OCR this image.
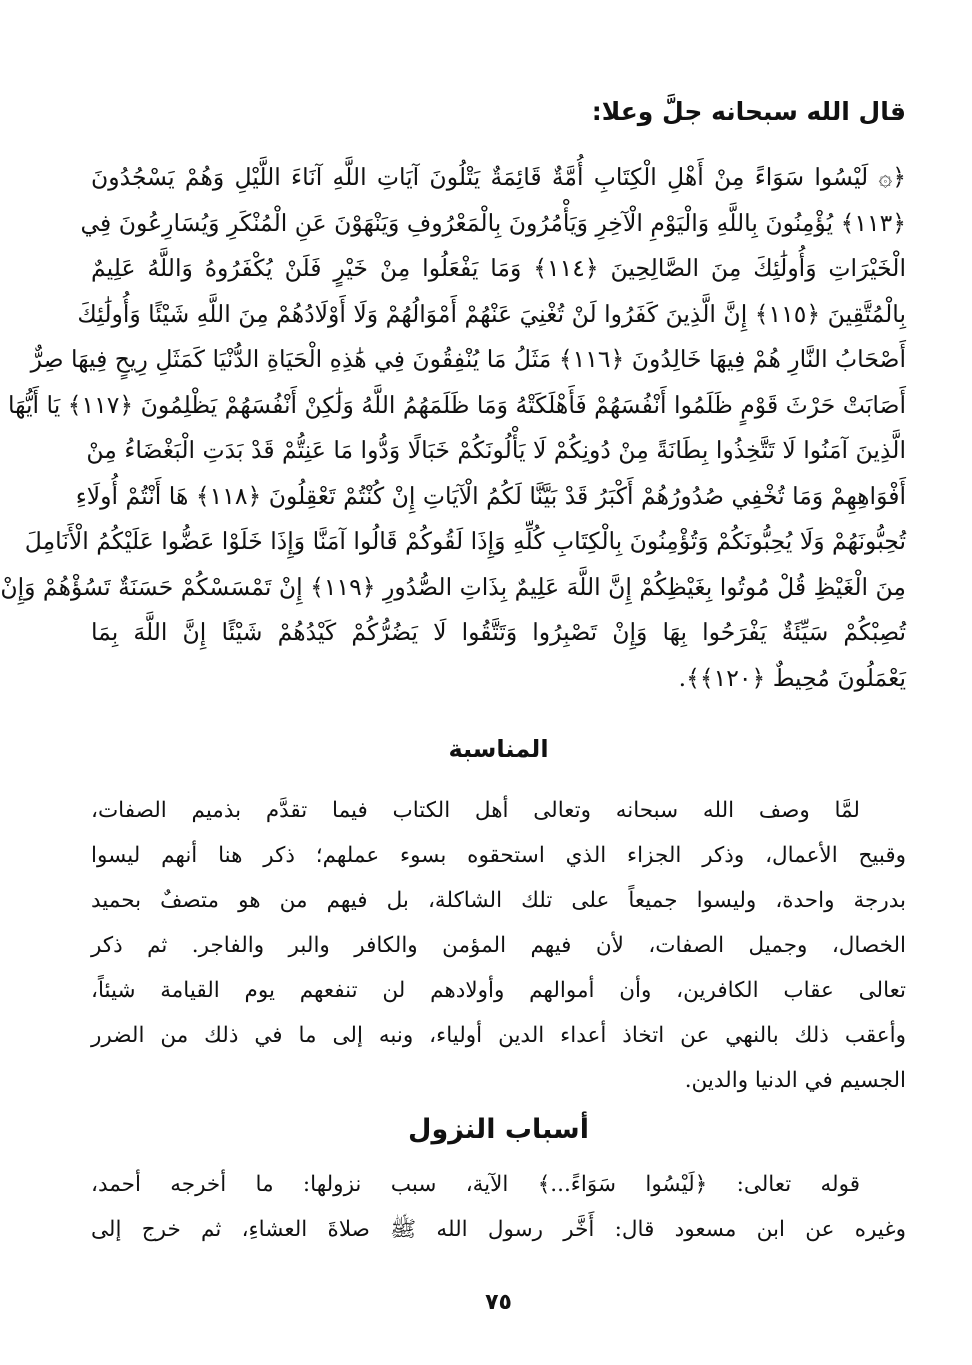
قال الله سبحانه جلَّ وعلا:
﴿۞ لَيْسُوا سَوَاءً مِنْ أَهْلِ الْكِتَابِ أُمَّةٌ قَائِمَةٌ يَتْلُونَ آيَاتِ اللَّهِ آنَاءَ اللَّيْلِ وَهُمْ يَسْجُدُونَ
﴿١١٣﴾ يُؤْمِنُونَ بِاللَّهِ وَالْيَوْمِ الْآخِرِ وَيَأْمُرُونَ بِالْمَعْرُوفِ وَيَنْهَوْنَ عَنِ الْمُنْكَرِ وَيُسَارِعُونَ فِي
الْخَيْرَاتِ وَأُولَٰئِكَ مِنَ الصَّالِحِينَ ﴿١١٤﴾ وَمَا يَفْعَلُوا مِنْ خَيْرٍ فَلَنْ يُكْفَرُوهُ وَاللَّهُ عَلِيمٌ
بِالْمُتَّقِينَ ﴿١١٥﴾ إِنَّ الَّذِينَ كَفَرُوا لَنْ تُغْنِيَ عَنْهُمْ أَمْوَالُهُمْ وَلَا أَوْلَادُهُمْ مِنَ اللَّهِ شَيْئًا وَأُولَٰئِكَ
أَصْحَابُ النَّارِ هُمْ فِيهَا خَالِدُونَ ﴿١١٦﴾ مَثَلُ مَا يُنْفِقُونَ فِي هَٰذِهِ الْحَيَاةِ الدُّنْيَا كَمَثَلِ رِيحٍ فِيهَا صِرٌّ
أَصَابَتْ حَرْثَ قَوْمٍ ظَلَمُوا أَنْفُسَهُمْ فَأَهْلَكَتْهُ وَمَا ظَلَمَهُمُ اللَّهُ وَلَٰكِنْ أَنْفُسَهُمْ يَظْلِمُونَ ﴿١١٧﴾ يَا أَيُّهَا
الَّذِينَ آمَنُوا لَا تَتَّخِذُوا بِطَانَةً مِنْ دُونِكُمْ لَا يَأْلُونَكُمْ خَبَالًا وَدُّوا مَا عَنِتُّمْ قَدْ بَدَتِ الْبَغْضَاءُ مِنْ
أَفْوَاهِهِمْ وَمَا تُخْفِي صُدُورُهُمْ أَكْبَرُ قَدْ بَيَّنَّا لَكُمُ الْآيَاتِ إِنْ كُنْتُمْ تَعْقِلُونَ ﴿١١٨﴾ هَا أَنْتُمْ أُولَاءِ
تُحِبُّونَهُمْ وَلَا يُحِبُّونَكُمْ وَتُؤْمِنُونَ بِالْكِتَابِ كُلِّهِ وَإِذَا لَقُوكُمْ قَالُوا آمَنَّا وَإِذَا خَلَوْا عَضُّوا عَلَيْكُمُ الْأَنَامِلَ
مِنَ الْغَيْظِ قُلْ مُوتُوا بِغَيْظِكُمْ إِنَّ اللَّهَ عَلِيمٌ بِذَاتِ الصُّدُورِ ﴿١١٩﴾ إِنْ تَمْسَسْكُمْ حَسَنَةٌ تَسُؤْهُمْ وَإِنْ
تُصِبْكُمْ سَيِّئَةٌ يَفْرَحُوا بِهَا وَإِنْ تَصْبِرُوا وَتَتَّقُوا لَا يَضُرُّكُمْ كَيْدُهُمْ شَيْئًا إِنَّ اللَّهَ بِمَا
يَعْمَلُونَ مُحِيطٌ ﴿١٢٠﴾﴾.
المناسبة
لمَّا وصف الله سبحانه وتعالى أهل الكتاب فيما تقدَّم بذميم الصفات،
وقبيح الأعمال، وذكر الجزاء الذي استحقوه بسوء عملهم؛ ذكر هنا أنهم ليسوا
بدرجة واحدة، وليسوا جميعاً على تلك الشاكلة، بل فيهم من هو متصفٌ بحميد
الخصال، وجميل الصفات، لأن فيهم المؤمن والكافر والبر والفاجر. ثم ذكر
تعالى عقاب الكافرين، وأن أموالهم وأولادهم لن تنفعهم يوم القيامة شيئاً،
وأعقب ذلك بالنهي عن اتخاذ أعداء الدين أولياء، ونبه إلى ما في ذلك من الضرر
الجسيم في الدنيا والدين.
أسباب النزول
قوله تعالى: ﴿لَيْسُوا سَوَاءً...﴾ الآية، سبب نزولها: ما أخرجه أحمد،
وغيره عن ابن مسعود قال: أَخَّر رسول الله ﷺ صلاةَ العشاءِ، ثم خرج إلى
٧٥
